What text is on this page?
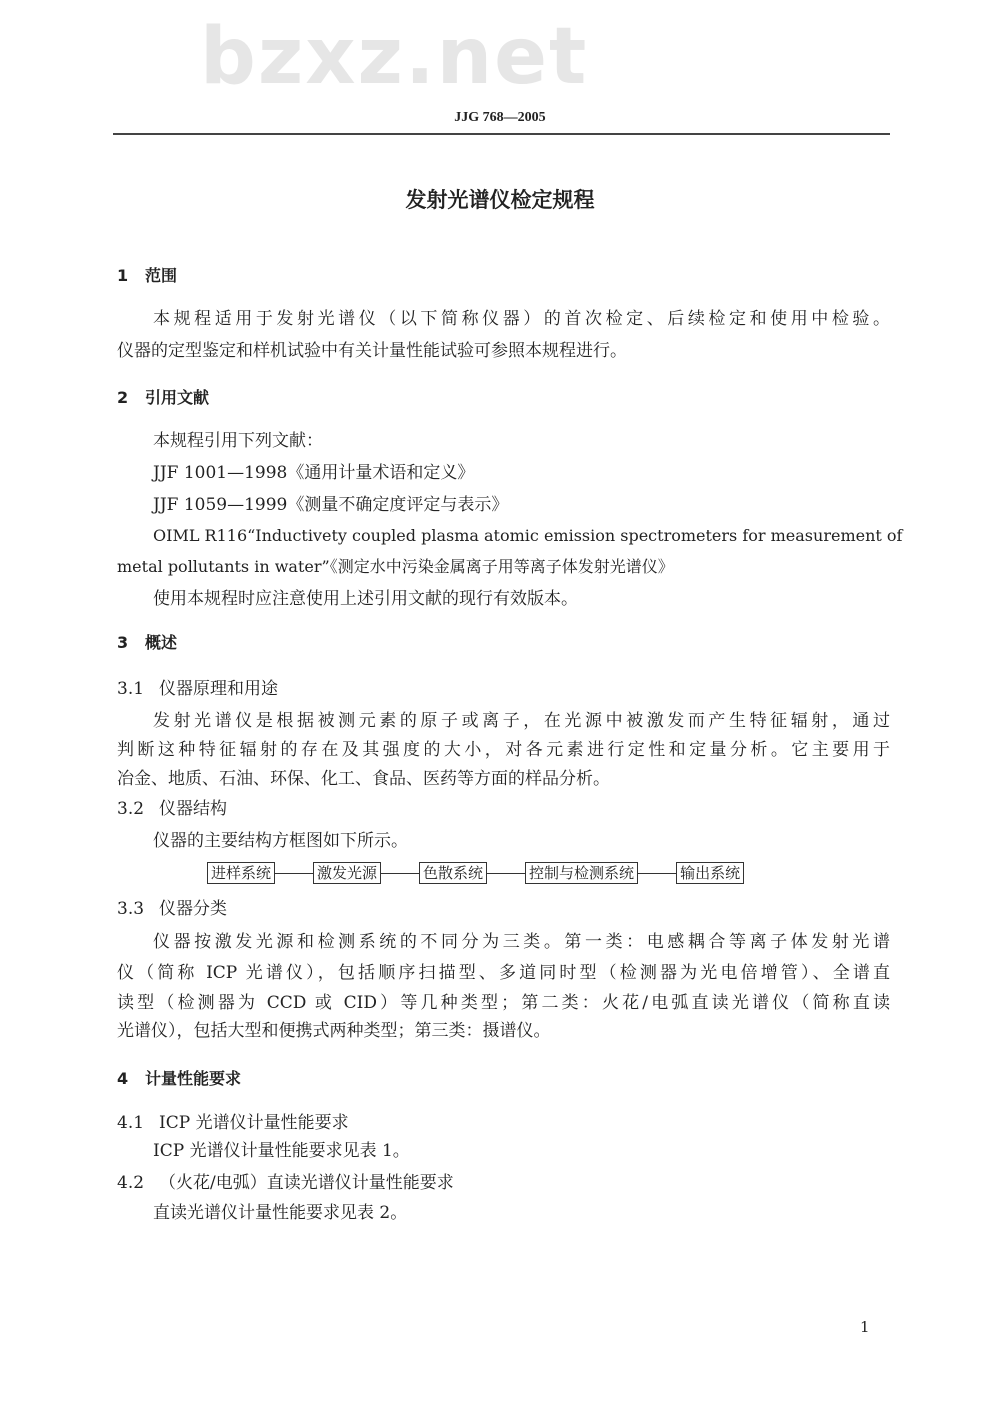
JJG 768—2005
bzxz.net
发射光谱仪检定规程
1 范围
本规程适用于发射光谱仪（以下简称仪器）的首次检定、后续检定和使用中检验。
仪器的定型鉴定和样机试验中有关计量性能试验可参照本规程进行。
2 引用文献
本规程引用下列文献：
JJF 1001—1998《通用计量术语和定义》
JJF 1059—1999《测量不确定度评定与表示》
OIML R116“Inductivety coupled plasma atomic emission spectrometers for measurement of
metal pollutants in water”《测定水中污染金属离子用等离子体发射光谱仪》
使用本规程时应注意使用上述引用文献的现行有效版本。
3 概述
3.1 仪器原理和用途
发射光谱仪是根据被测元素的原子或离子，在光源中被激发而产生特征辐射，通过
判断这种特征辐射的存在及其强度的大小，对各元素进行定性和定量分析。它主要用于
冶金、地质、石油、环保、化工、食品、医药等方面的样品分析。
3.2 仪器结构
仪器的主要结构方框图如下所示。
进样系统	激发光源	色散系统	控制与检测系统	输出系统
3.3 仪器分类
仪器按激发光源和检测系统的不同分为三类。第一类：电感耦合等离子体发射光谱
仪（简称 ICP 光谱仪），包括顺序扫描型、多道同时型（检测器为光电倍增管）、全谱直
读型（检测器为 CCD 或 CID）等几种类型；第二类：火花/电弧直读光谱仪（简称直读
光谱仪），包括大型和便携式两种类型；第三类：摄谱仪。
4 计量性能要求
4.1 ICP 光谱仪计量性能要求
ICP 光谱仪计量性能要求见表 1。
4.2 （火花/电弧）直读光谱仪计量性能要求
直读光谱仪计量性能要求见表 2。
1
